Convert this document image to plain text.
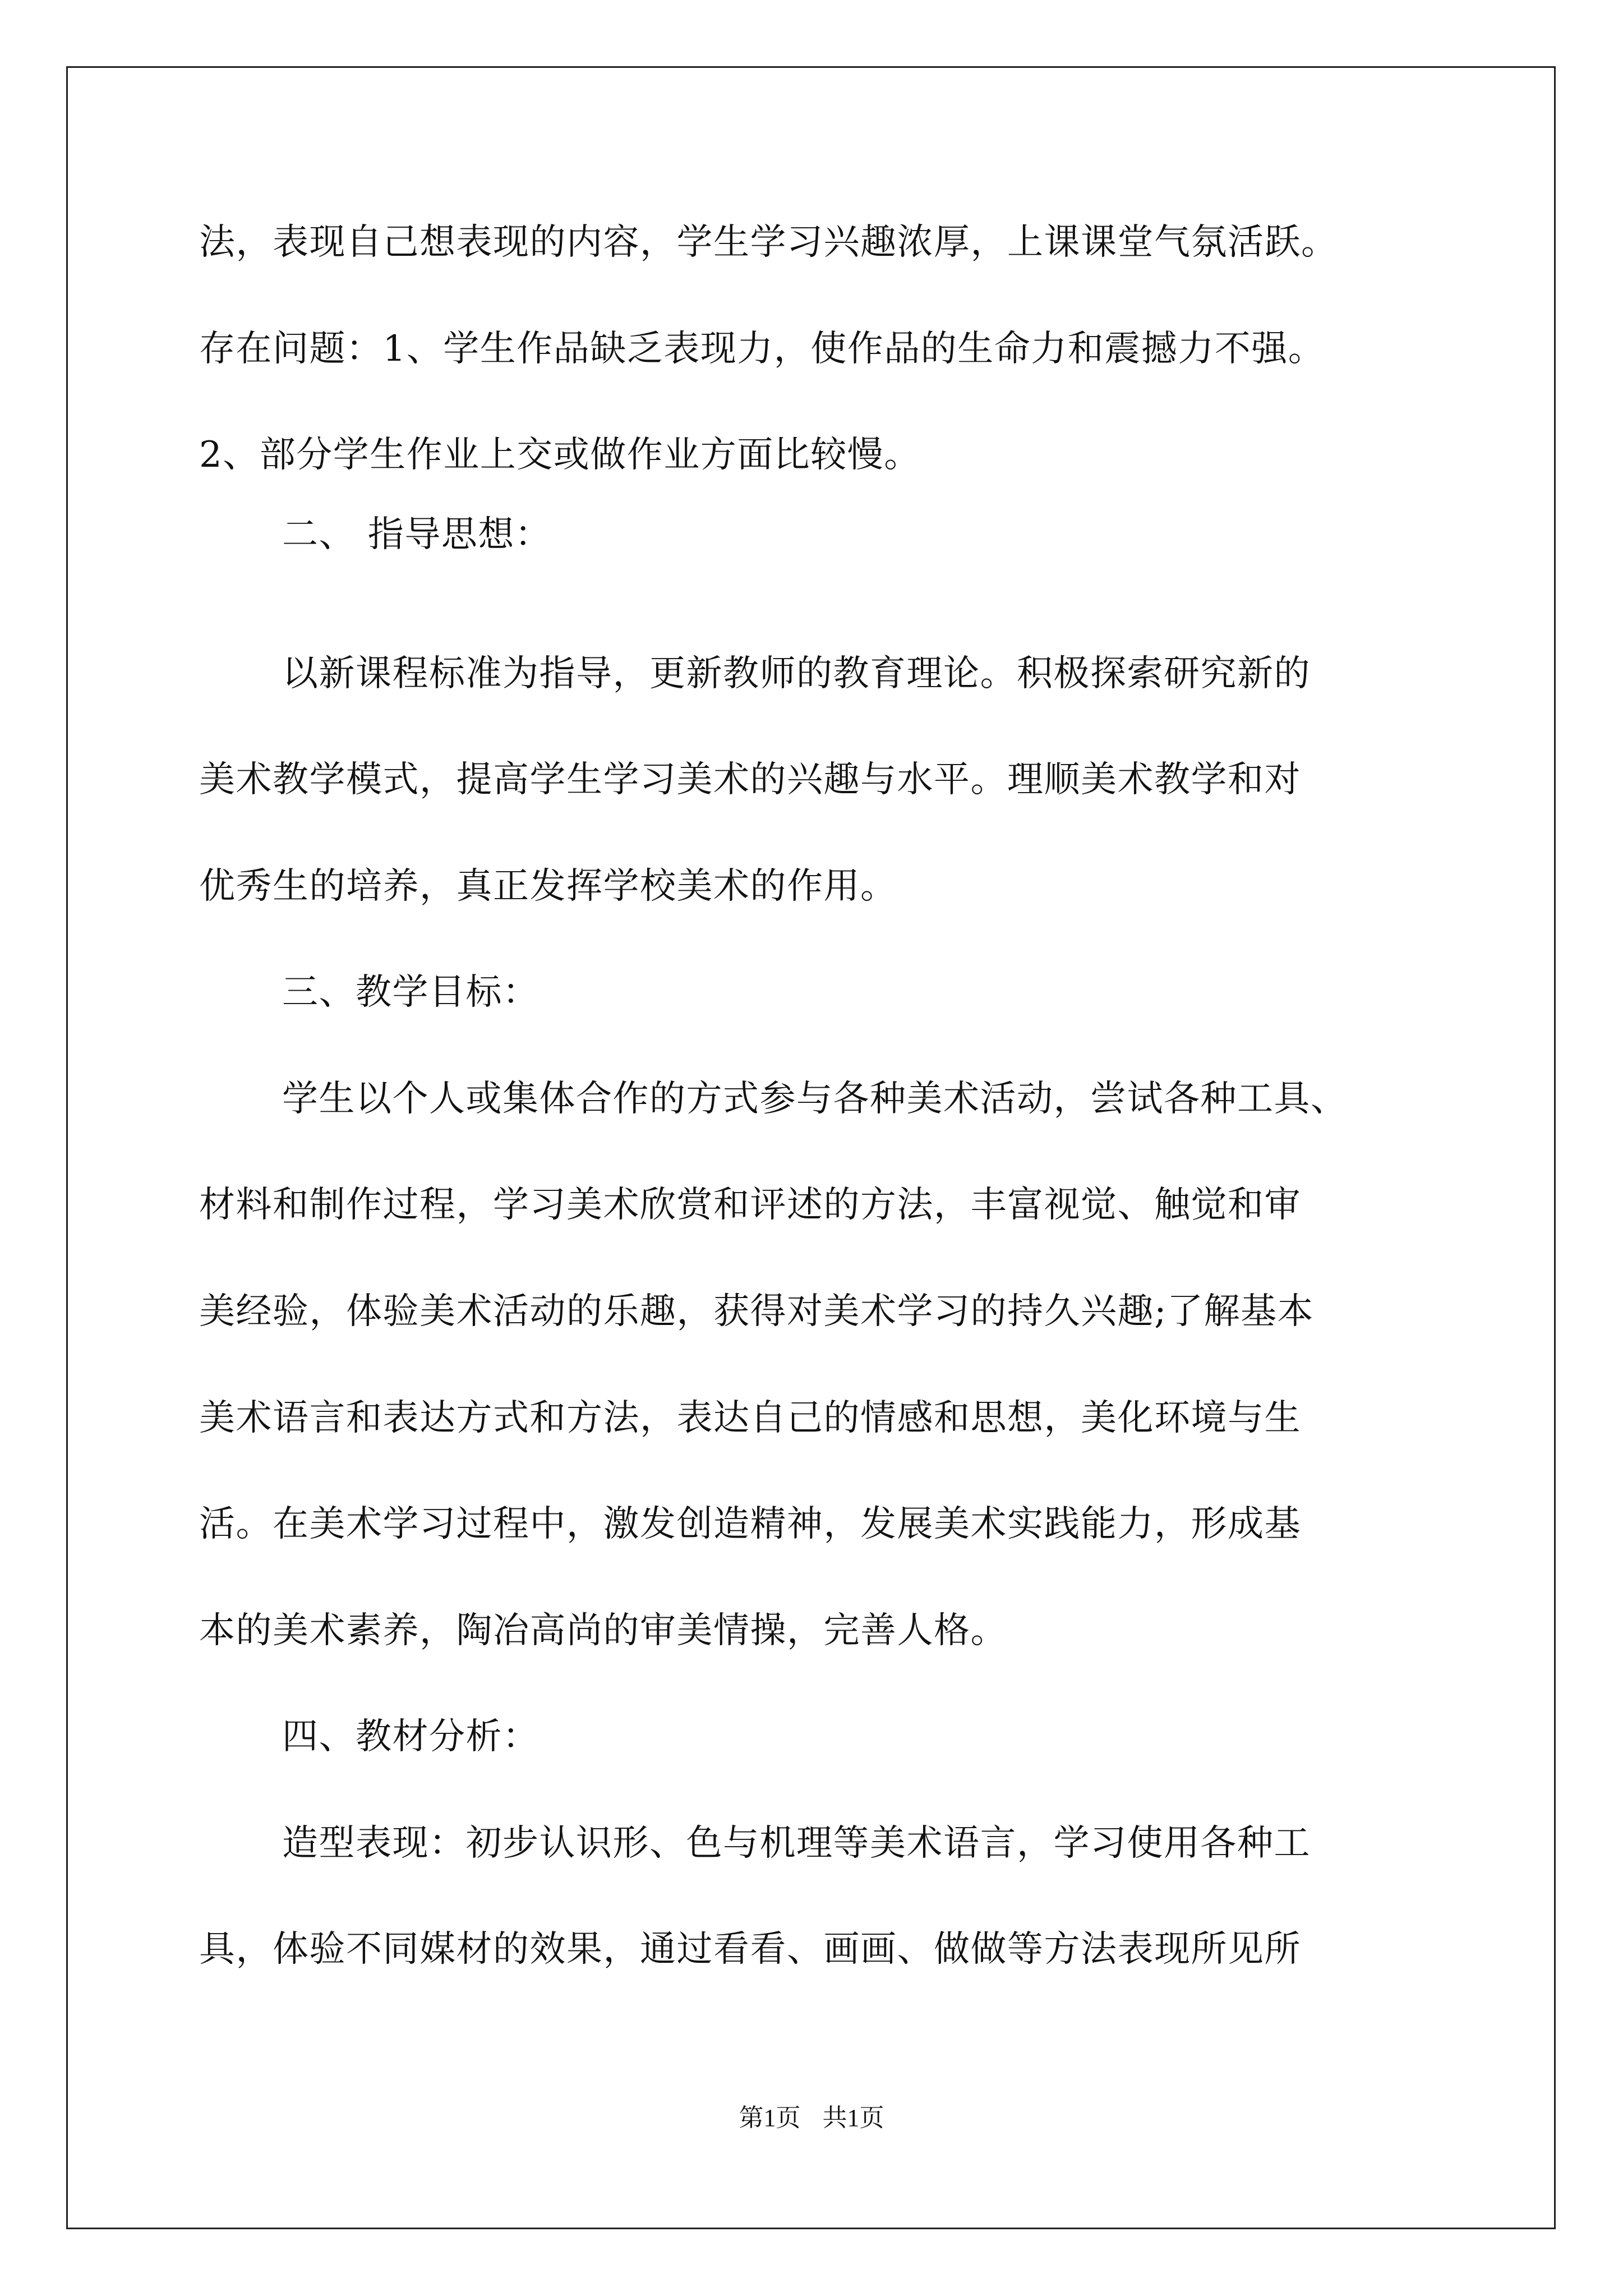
法，表现自己想表现的内容，学生学习兴趣浓厚，上课课堂气氛活跃。
存在问题：1、学生作品缺乏表现力，使作品的生命力和震撼力不强。
2、部分学生作业上交或做作业方面比较慢。
二、 指导思想：
以新课程标准为指导，更新教师的教育理论。积极探索研究新的
美术教学模式，提高学生学习美术的兴趣与水平。理顺美术教学和对
优秀生的培养，真正发挥学校美术的作用。
三、教学目标：
学生以个人或集体合作的方式参与各种美术活动，尝试各种工具、
材料和制作过程，学习美术欣赏和评述的方法，丰富视觉、触觉和审
美经验，体验美术活动的乐趣，获得对美术学习的持久兴趣;了解基本
美术语言和表达方式和方法，表达自己的情感和思想，美化环境与生
活。在美术学习过程中，激发创造精神，发展美术实践能力，形成基
本的美术素养，陶冶高尚的审美情操，完善人格。
四、教材分析：
造型表现：初步认识形、色与机理等美术语言，学习使用各种工
具，体验不同媒材的效果，通过看看、画画、做做等方法表现所见所
第1页 共1页
